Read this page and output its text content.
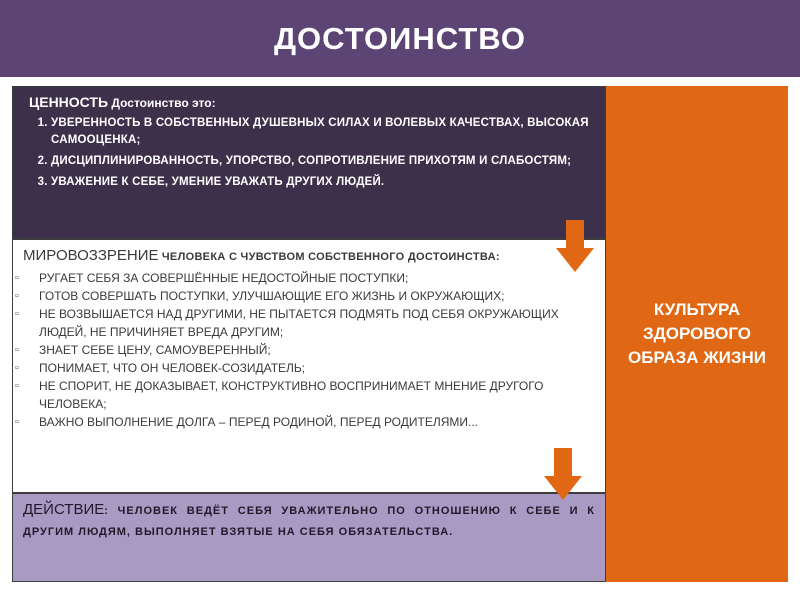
ДОСТОИНСТВО
ЦЕННОСТЬ Достоинство это:
1. УВЕРЕННОСТЬ В СОБСТВЕННЫХ ДУШЕВНЫХ СИЛАХ И ВОЛЕВЫХ КАЧЕСТВАХ, ВЫСОКАЯ САМООЦЕНКА;
2. ДИСЦИПЛИНИРОВАННОСТЬ, УПОРСТВО, СОПРОТИВЛЕНИЕ ПРИХОТЯМ И СЛАБОСТЯМ;
3. УВАЖЕНИЕ К СЕБЕ, УМЕНИЕ УВАЖАТЬ ДРУГИХ ЛЮДЕЙ.
МИРОВОЗЗРЕНИЕ ЧЕЛОВЕКА С ЧУВСТВОМ СОБСТВЕННОГО ДОСТОИНСТВА:
▫ РУГАЕТ СЕБЯ ЗА СОВЕРШЁННЫЕ НЕДОСТОЙНЫЕ ПОСТУПКИ;
▫ ГОТОВ СОВЕРШАТЬ ПОСТУПКИ, УЛУЧШАЮЩИЕ ЕГО ЖИЗНЬ И ОКРУЖАЮЩИХ;
▫ НЕ ВОЗВЫШАЕТСЯ НАД ДРУГИМИ, НЕ ПЫТАЕТСЯ ПОДМЯТЬ ПОД СЕБЯ ОКРУЖАЮЩИХ ЛЮДЕЙ, НЕ ПРИЧИНЯЕТ ВРЕДА ДРУГИМ;
▫ ЗНАЕТ СЕБЕ ЦЕНУ, САМОУВЕРЕННЫЙ;
▫ ПОНИМАЕТ, ЧТО ОН ЧЕЛОВЕК-СОЗИДАТЕЛЬ;
▫ НЕ СПОРИТ, НЕ ДОКАЗЫВАЕТ, КОНСТРУКТИВНО ВОСПРИНИМАЕТ МНЕНИЕ ДРУГОГО ЧЕЛОВЕКА;
▫ ВАЖНО ВЫПОЛНЕНИЕ ДОЛГА – ПЕРЕД РОДИНОЙ, ПЕРЕД РОДИТЕЛЯМИ...
ДЕЙСТВИЕ: ЧЕЛОВЕК ВЕДЁТ СЕБЯ УВАЖИТЕЛЬНО ПО ОТНОШЕНИЮ К СЕБЕ И К ДРУГИМ ЛЮДЯМ, ВЫПОЛНЯЕТ ВЗЯТЫЕ НА СЕБЯ ОБЯЗАТЕЛЬСТВА.
КУЛЬТУРА
ЗДОРОВОГО
ОБРАЗА ЖИЗНИ
